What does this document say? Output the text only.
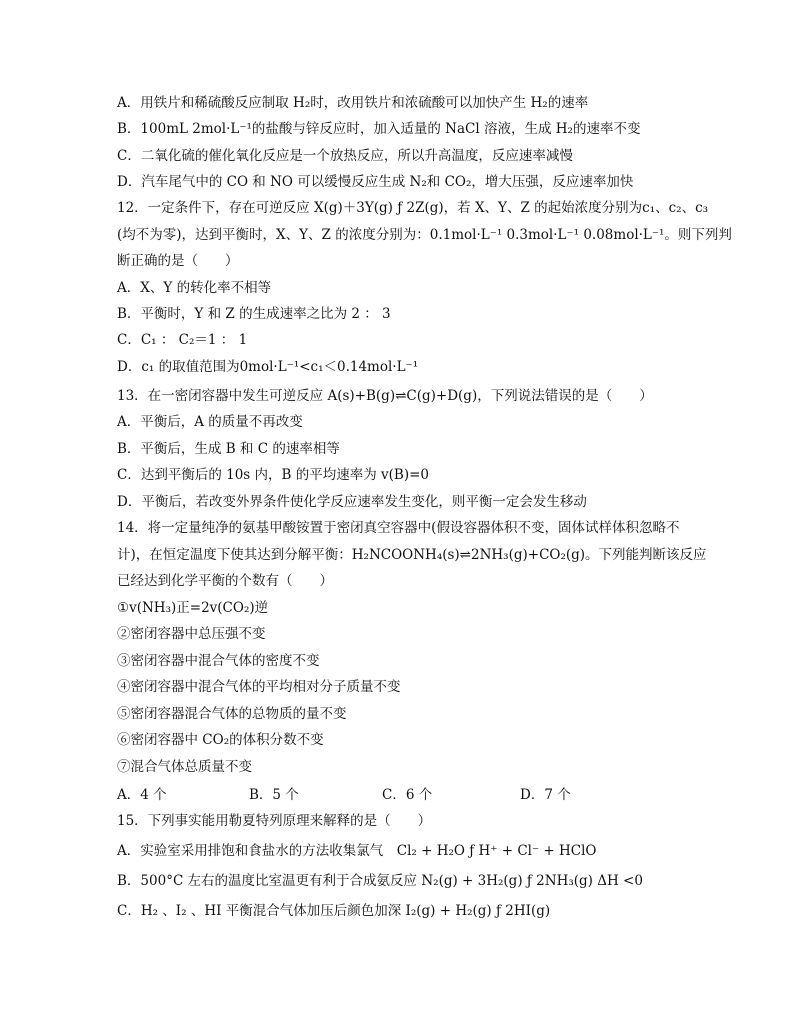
A．用铁片和稀硫酸反应制取 H₂时，改用铁片和浓硫酸可以加快产生 H₂的速率
B．100mL 2mol·L⁻¹的盐酸与锌反应时，加入适量的 NaCl 溶液，生成 H₂的速率不变
C．二氧化硫的催化氧化反应是一个放热反应，所以升高温度，反应速率减慢
D．汽车尾气中的 CO 和 NO 可以缓慢反应生成 N₂和 CO₂，增大压强，反应速率加快
12．一定条件下，存在可逆反应 X(g)＋3Y(g) ƒ 2Z(g)，若 X、Y、Z 的起始浓度分别为c₁、c₂、c₃
(均不为零)，达到平衡时，X、Y、Z 的浓度分别为：0.1mol·L⁻¹ 0.3mol·L⁻¹ 0.08mol·L⁻¹。则下列判
断正确的是（　　）
A．X、Y 的转化率不相等
B．平衡时，Y 和 Z 的生成速率之比为 2 ： 3
C．C₁ ： C₂＝1 ： 1
D．c₁ 的取值范围为0mol·L⁻¹<c₁＜0.14mol·L⁻¹
13．在一密闭容器中发生可逆反应 A(s)+B(g)⇌C(g)+D(g)，下列说法错误的是（　　）
A．平衡后，A 的质量不再改变
B．平衡后，生成 B 和 C 的速率相等
C．达到平衡后的 10s 内，B 的平均速率为 v(B)=0
D．平衡后，若改变外界条件使化学反应速率发生变化，则平衡一定会发生移动
14．将一定量纯净的氨基甲酸铵置于密闭真空容器中(假设容器体积不变，固体试样体积忽略不
计)，在恒定温度下使其达到分解平衡：H₂NCOONH₄(s)⇌2NH₃(g)+CO₂(g)。下列能判断该反应
已经达到化学平衡的个数有（　　）
①v(NH₃)正=2v(CO₂)逆
②密闭容器中总压强不变
③密闭容器中混合气体的密度不变
④密闭容器中混合气体的平均相对分子质量不变
⑤密闭容器混合气体的总物质的量不变
⑥密闭容器中 CO₂的体积分数不变
⑦混合气体总质量不变
A．4 个	B．5 个	C．6 个	D．7 个
15．下列事实能用勒夏特列原理来解释的是（　　）
A．实验室采用排饱和食盐水的方法收集氯气　Cl₂ + H₂O ƒ H⁺ + Cl⁻ + HClO
B．500°C 左右的温度比室温更有利于合成氨反应 N₂(g) + 3H₂(g) ƒ 2NH₃(g) ΔH <0
C．H₂ 、I₂ 、HI 平衡混合气体加压后颜色加深 I₂(g) + H₂(g) ƒ 2HI(g)
